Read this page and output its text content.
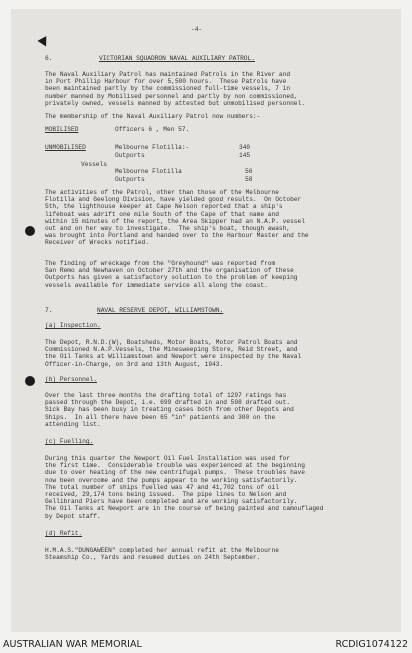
-4-
6.	VICTORIAN SQUADRON NAVAL AUXILIARY PATROL.
The Naval Auxiliary Patrol has maintained Patrols in the River and
in Port Phillip Harbour for over 5,500 hours.  These Patrols have
been maintained partly by the commissioned full-time vessels, 7 in
number manned by Mobilised personnel and partly by non commissioned,
privately owned, vessels manned by attested but unmobilised personnel.
The membership of the Naval Auxiliary Patrol now numbers:-
MOBILISED	Officers 6 , Men 57.
UNMOBILISED	Melbourne Flotilla:-	340
Outports	145
Vessels
Melbourne Flotilla	56
Outports	58
The activities of the Patrol, other than those of the Melbourne
Flotilla and Geelong Division, have yielded good results.  On October
5th, the lighthouse keeper at Cape Nelson reported that a ship's
lifeboat was adrift one mile South of the Cape of that name and
within 15 minutes of the report, the Area Skipper had an N.A.P. vessel
out and on her way to investigate.  The ship's boat, though awash,
was brought into Portland and handed over to the Harbour Master and the
Receiver of Wrecks notified.
The finding of wreckage from the "Greyhound" was reported from
San Remo and Newhaven on October 27th and the organisation of these
Outports has given a satisfactory solution to the problem of keeping
vessels available for immediate service all along the coast.
7.	NAVAL RESERVE DEPOT, WILLIAMSTOWN.
(a) Inspection.
The Depot, R.N.D.(W), Boatsheds, Motor Boats, Motor Patrol Boats and
Commissioned N.A.P.Vessels, the Minesweeping Store, Reid Street, and
the Oil Tanks at Williamstown and Newport were inspected by the Naval
Officer-in-Charge, on 3rd and 13th August, 1943.
(b) Personnel.
Over the last three months the drafting total of 1297 ratings has
passed through the Depot, i.e. 699 drafted in and 598 drafted out.
Sick Bay has been busy in treating cases both from other Depots and
Ships.  In all there have been 65 "in" patients and 300 on the
attending list.
(c) Fuelling.
During this quarter the Newport Oil Fuel Installation was used for
the first time.  Considerable trouble was experienced at the beginning
due to over heating of the new centrifugal pumps.  These troubles have
now been overcome and the pumps appear to be working satisfactorily.
The total number of ships fuelled was 47 and 41,702 tons of oil
received, 29,174 tons being issued.  The pipe lines to Nelson and
Gellibrand Piers have been completed and are working satisfactorily.
The Oil Tanks at Newport are in the course of being painted and camouflaged
by Depot staff.
(d) Refit.
H.M.A.S."DUNGAWEEN" completed her annual refit at the Melbourne
Steamship Co., Yards and resumed duties on 24th September.
AUSTRALIAN WAR MEMORIAL	RCDIG1074122
